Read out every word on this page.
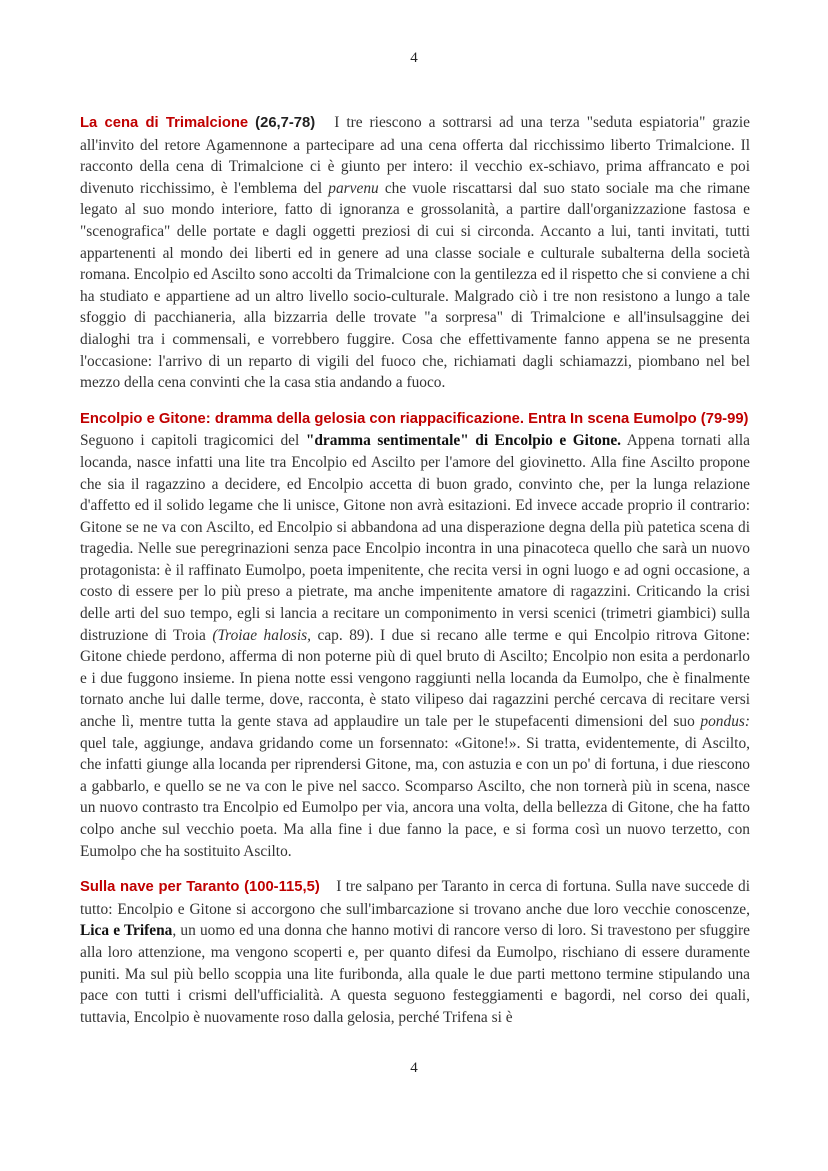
4

La cena di Trimalcione (26,7-78) I tre riescono a sottrarsi ad una terza "seduta espiatoria" grazie all'invito del retore Agamennone a partecipare ad una cena offerta dal ricchissimo liberto Trimalcione. Il racconto della cena di Trimalcione ci è giunto per intero: il vecchio ex-schiavo, prima affrancato e poi divenuto ricchissimo, è l'emblema del parvenu che vuole riscattarsi dal suo stato sociale ma che rimane legato al suo mondo interiore, fatto di ignoranza e grossolanità, a partire dall'organizzazione fastosa e "scenografica" delle portate e dagli oggetti preziosi di cui si circonda. Accanto a lui, tanti invitati, tutti appartenenti al mondo dei liberti ed in genere ad una classe sociale e culturale subalterna della società romana. Encolpio ed Ascilto sono accolti da Trimalcione con la gentilezza ed il rispetto che si conviene a chi ha studiato e appartiene ad un altro livello socio-culturale. Malgrado ciò i tre non resistono a lungo a tale sfoggio di pacchianeria, alla bizzarria delle trovate "a sorpresa" di Trimalcione e all'insulsaggine dei dialoghi tra i commensali, e vorrebbero fuggire. Cosa che effettivamente fanno appena se ne presenta l'occasione: l'arrivo di un reparto di vigili del fuoco che, richiamati dagli schiamazzi, piombano nel bel mezzo della cena convinti che la casa stia andando a fuoco.

Encolpio e Gitone: dramma della gelosia con riappacificazione. Entra In scena Eumolpo (79-99)
Seguono i capitoli tragicomici del "dramma sentimentale" di Encolpio e Gitone. Appena tornati alla locanda, nasce infatti una lite tra Encolpio ed Ascilto per l'amore del giovinetto. Alla fine Ascilto propone che sia il ragazzino a decidere, ed Encolpio accetta di buon grado, convinto che, per la lunga relazione d'affetto ed il solido legame che li unisce, Gitone non avrà esitazioni. Ed invece accade proprio il contrario: Gitone se ne va con Ascilto, ed Encolpio si abbandona ad una disperazione degna della più patetica scena di tragedia. Nelle sue peregrinazioni senza pace Encolpio incontra in una pinacoteca quello che sarà un nuovo protagonista: è il raffinato Eumolpo, poeta impenitente, che recita versi in ogni luogo e ad ogni occasione, a costo di essere per lo più preso a pietrate, ma anche impenitente amatore di ragazzini. Criticando la crisi delle arti del suo tempo, egli si lancia a recitare un componimento in versi scenici (trimetri giambici) sulla distruzione di Troia (Troiae halosis, cap. 89). I due si recano alle terme e qui Encolpio ritrova Gitone: Gitone chiede perdono, afferma di non poterne più di quel bruto di Ascilto; Encolpio non esita a perdonarlo e i due fuggono insieme. In piena notte essi vengono raggiunti nella locanda da Eumolpo, che è finalmente tornato anche lui dalle terme, dove, racconta, è stato vilipeso dai ragazzini perché cercava di recitare versi anche lì, mentre tutta la gente stava ad applaudire un tale per le stupefacenti dimensioni del suo pondus: quel tale, aggiunge, andava gridando come un forsennato: «Gitone!». Si tratta, evidentemente, di Ascilto, che infatti giunge alla locanda per riprendersi Gitone, ma, con astuzia e con un po' di fortuna, i due riescono a gabbarlo, e quello se ne va con le pive nel sacco. Scomparso Ascilto, che non tornerà più in scena, nasce un nuovo contrasto tra Encolpio ed Eumolpo per via, ancora una volta, della bellezza di Gitone, che ha fatto colpo anche sul vecchio poeta. Ma alla fine i due fanno la pace, e si forma così un nuovo terzetto, con Eumolpo che ha sostituito Ascilto.

Sulla nave per Taranto (100-115,5) I tre salpano per Taranto in cerca di fortuna. Sulla nave succede di tutto: Encolpio e Gitone si accorgono che sull'imbarcazione si trovano anche due loro vecchie conoscenze, Lica e Trifena, un uomo ed una donna che hanno motivi di rancore verso di loro. Si travestono per sfuggire alla loro attenzione, ma vengono scoperti e, per quanto difesi da Eumolpo, rischiano di essere duramente puniti. Ma sul più bello scoppia una lite furibonda, alla quale le due parti mettono termine stipulando una pace con tutti i crismi dell'ufficialità. A questa seguono festeggiamenti e bagordi, nel corso dei quali, tuttavia, Encolpio è nuovamente roso dalla gelosia, perché Trifena si è

4
